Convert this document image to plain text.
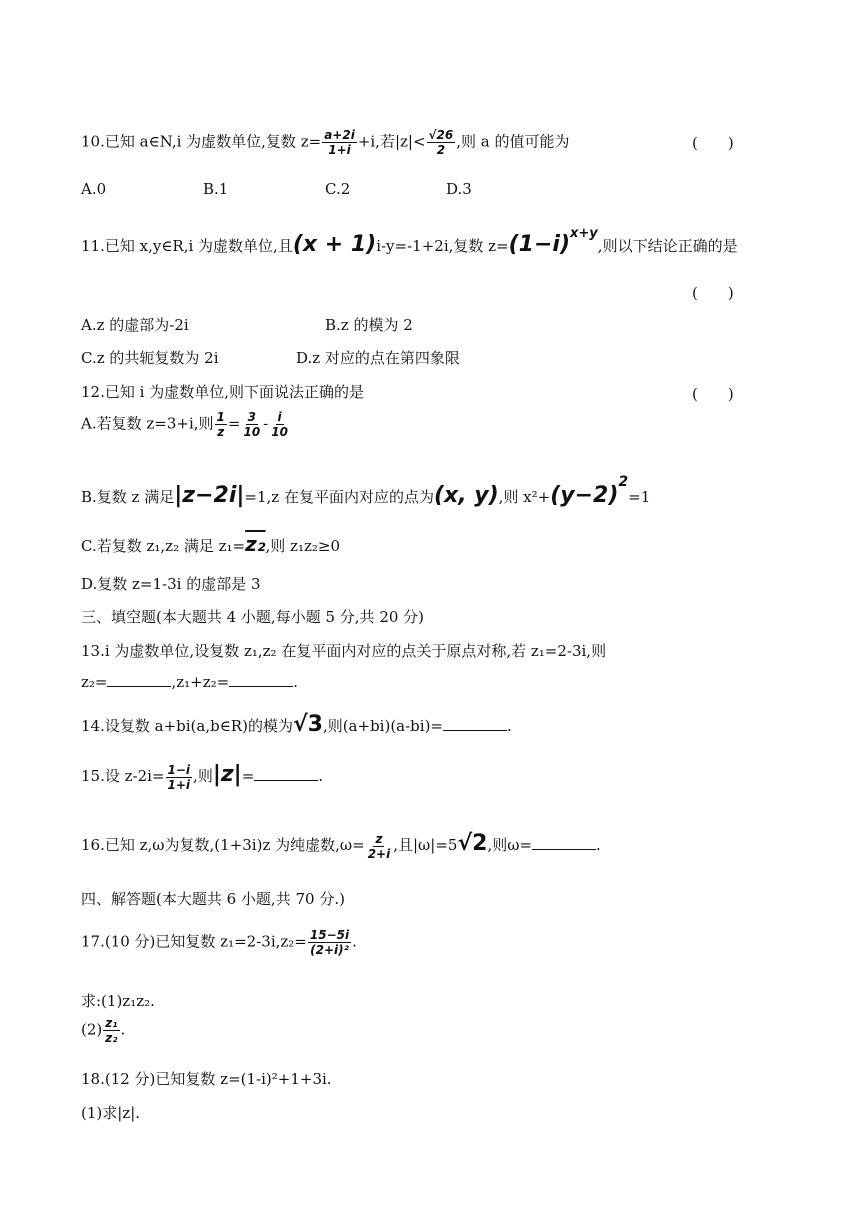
10.已知 a∈N,i 为虚数单位,复数 $z= \frac{a+2i}{1+i} +i$,若$|z|< \frac{√26}{2}$ ,则 a 的值可能为	(　　)
A.0	B.1	C.2	D.3
11.已知 x,y∈R,i 为虚数单位,且(x + 1)i-y=-1+2i,复数 $z=(1-i)^{x+y}$,则以下结论正确的是
(　　)
A.z 的虚部为-2i	B.z 的模为 2
C.z 的共轭复数为 2i	D.z 对应的点在第四象限
12.已知 i 为虚数单位,则下面说法正确的是	(　　)
A.若复数 z=3+i,则 $\frac{1}{z} = \frac{3}{10} - \frac{i}{10}$
B.复数 z 满足|z−2i|=1,z 在复平面内对应的点为(x, y),则 $x^2+(y-2)^2=1$
C.若复数 z₁,z₂ 满足 z₁=z₂,则 z₁z₂≥0
D.复数 z=1-3i 的虚部是 3
三、填空题(本大题共 4 小题,每小题 5 分,共 20 分)
13.i 为虚数单位,设复数 z₁,z₂ 在复平面内对应的点关于原点对称,若 z₁=2-3i,则
z₂=	,z₁+z₂=	.
14.设复数 a+bi(a,b∈R)的模为√3,则(a+bi)(a-bi)=	.
15.设 $z-2i= \frac{1-i}{1+i}$ ,则|z|=	.
16.已知 z,ω为复数,(1+3i)z 为纯虚数$,\omega= \frac{z}{2+i}$ ,且|ω|=5√2,则ω=	.
四、解答题(本大题共 6 小题,共 70 分.)
17.(10 分)已知复数 $z_1=2-3i,z_2= \frac{15-5i}{\text{(2+i)²}}$ .
求:(1)z₁z₂.
$(2) \frac{\text{z₁}}{\text{z₂}}$ .
18.(12 分)已知复数 z=(1-i)²+1+3i.
(1)求|z|.
